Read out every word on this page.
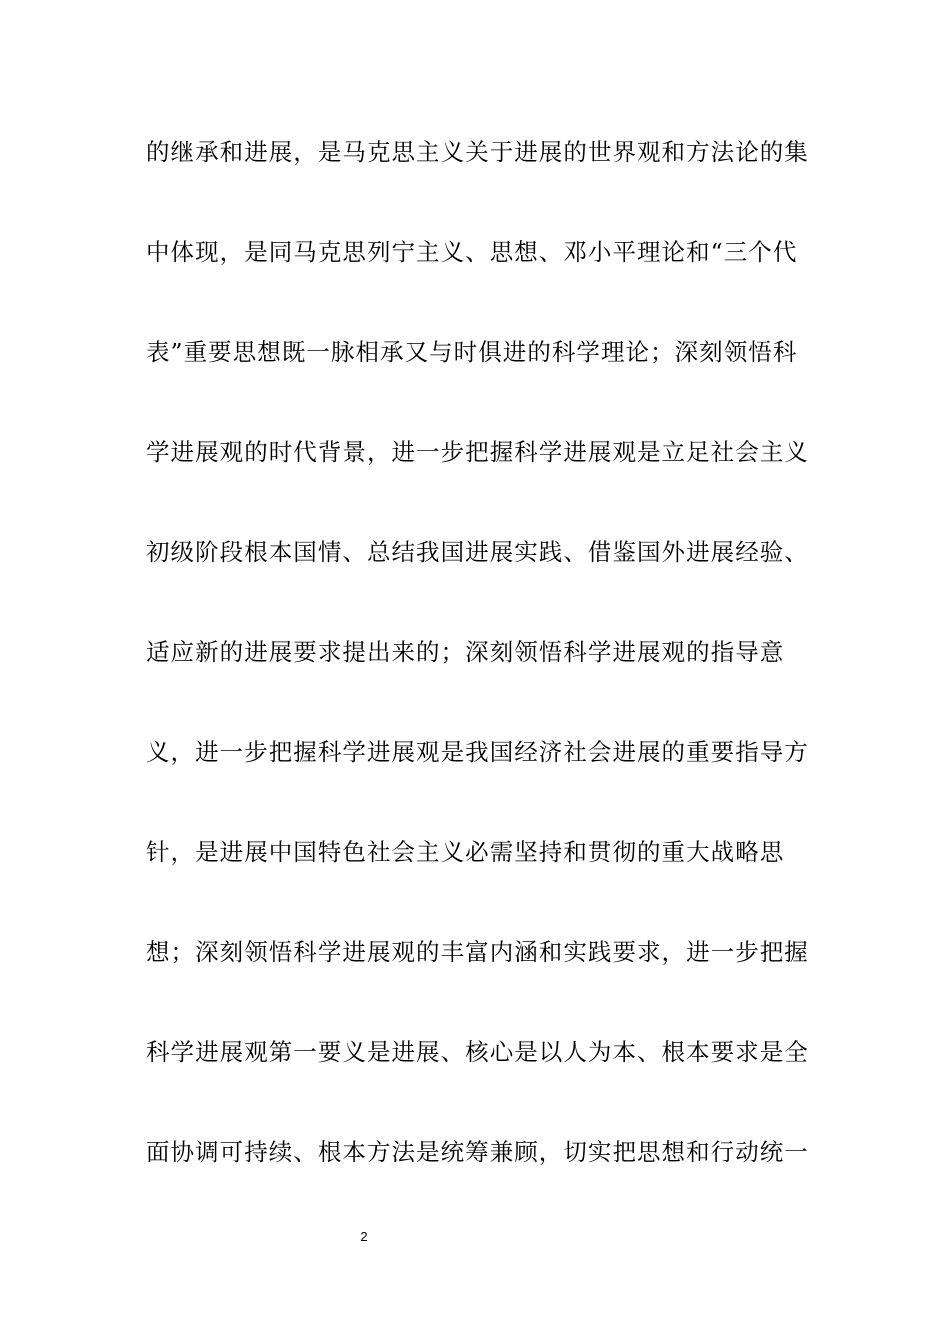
的继承和进展，是马克思主义关于进展的世界观和方法论的集
中体现，是同马克思列宁主义、思想、邓小平理论和“三个代
表”重要思想既一脉相承又与时俱进的科学理论；深刻领悟科
学进展观的时代背景，进一步把握科学进展观是立足社会主义
初级阶段根本国情、总结我国进展实践、借鉴国外进展经验、
适应新的进展要求提出来的；深刻领悟科学进展观的指导意
义，进一步把握科学进展观是我国经济社会进展的重要指导方
针，是进展中国特色社会主义必需坚持和贯彻的重大战略思
想；深刻领悟科学进展观的丰富内涵和实践要求，进一步把握
科学进展观第一要义是进展、核心是以人为本、根本要求是全
面协调可持续、根本方法是统筹兼顾，切实把思想和行动统一
2
